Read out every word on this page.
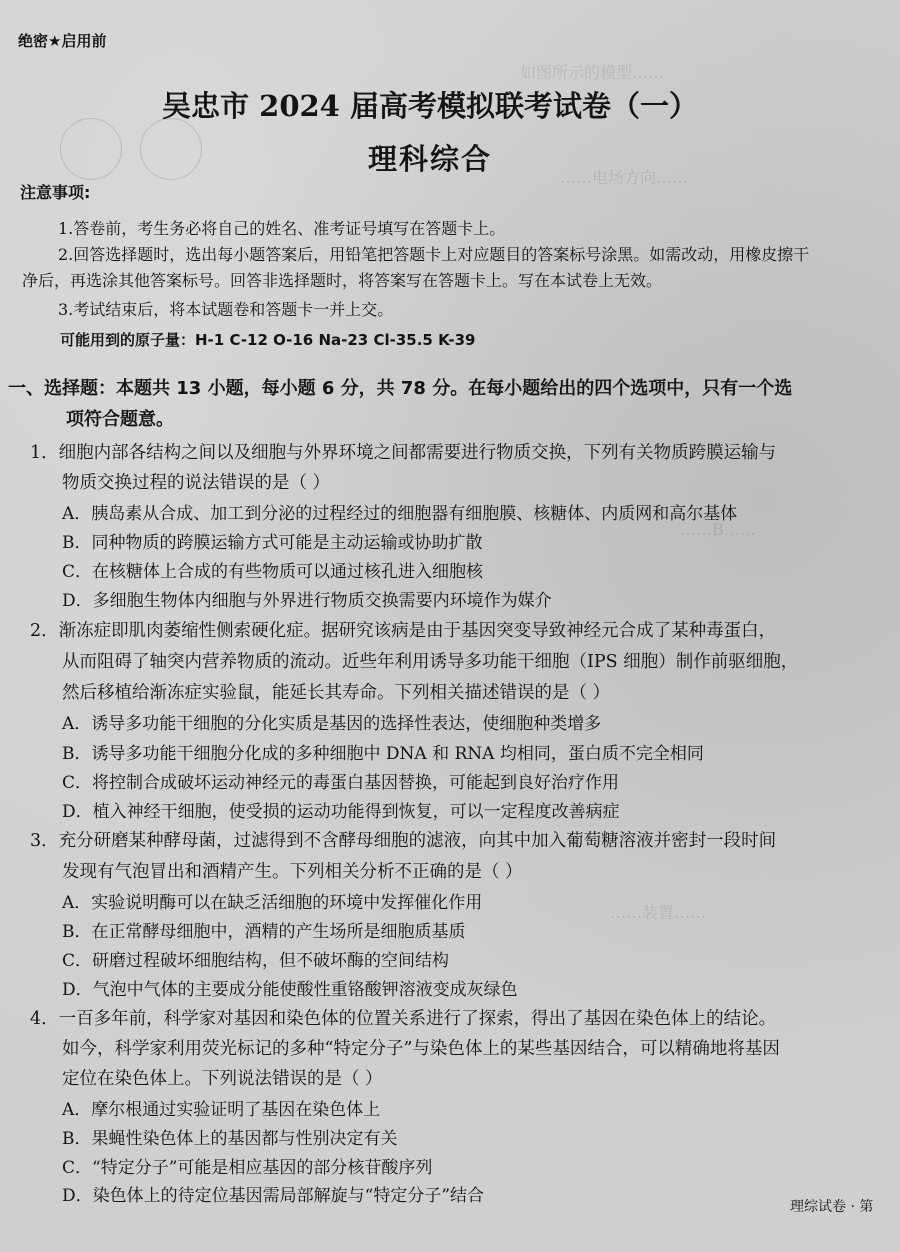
如图所示的模型……
……电场方向……
……B……
……装置……
绝密★启用前
吴忠市 2024 届高考模拟联考试卷（一）
理科综合
注意事项:
1.答卷前，考生务必将自己的姓名、准考证号填写在答题卡上。
2.回答选择题时，选出每小题答案后，用铅笔把答题卡上对应题目的答案标号涂黑。如需改动，用橡皮擦干
净后，再选涂其他答案标号。回答非选择题时，将答案写在答题卡上。写在本试卷上无效。
3.考试结束后，将本试题卷和答题卡一并上交。
可能用到的原子量：H-1 C-12 O-16 Na-23 Cl-35.5 K-39
一、选择题：本题共 13 小题，每小题 6 分，共 78 分。在每小题给出的四个选项中，只有一个选
项符合题意。
1．细胞内部各结构之间以及细胞与外界环境之间都需要进行物质交换，下列有关物质跨膜运输与
物质交换过程的说法错误的是（ ）
A．胰岛素从合成、加工到分泌的过程经过的细胞器有细胞膜、核糖体、内质网和高尔基体
B．同种物质的跨膜运输方式可能是主动运输或协助扩散
C．在核糖体上合成的有些物质可以通过核孔进入细胞核
D．多细胞生物体内细胞与外界进行物质交换需要内环境作为媒介
2．渐冻症即肌肉萎缩性侧索硬化症。据研究该病是由于基因突变导致神经元合成了某种毒蛋白，
从而阻碍了轴突内营养物质的流动。近些年利用诱导多功能干细胞（IPS 细胞）制作前驱细胞，
然后移植给渐冻症实验鼠，能延长其寿命。下列相关描述错误的是（ ）
A．诱导多功能干细胞的分化实质是基因的选择性表达，使细胞种类增多
B．诱导多功能干细胞分化成的多种细胞中 DNA 和 RNA 均相同，蛋白质不完全相同
C．将控制合成破坏运动神经元的毒蛋白基因替换，可能起到良好治疗作用
D．植入神经干细胞，使受损的运动功能得到恢复，可以一定程度改善病症
3．充分研磨某种酵母菌，过滤得到不含酵母细胞的滤液，向其中加入葡萄糖溶液并密封一段时间
发现有气泡冒出和酒精产生。下列相关分析不正确的是（ ）
A．实验说明酶可以在缺乏活细胞的环境中发挥催化作用
B．在正常酵母细胞中，酒精的产生场所是细胞质基质
C．研磨过程破坏细胞结构，但不破坏酶的空间结构
D．气泡中气体的主要成分能使酸性重铬酸钾溶液变成灰绿色
4．一百多年前，科学家对基因和染色体的位置关系进行了探索，得出了基因在染色体上的结论。
如今，科学家利用荧光标记的多种“特定分子”与染色体上的某些基因结合，可以精确地将基因
定位在染色体上。下列说法错误的是（ ）
A．摩尔根通过实验证明了基因在染色体上
B．果蝇性染色体上的基因都与性别决定有关
C．“特定分子”可能是相应基因的部分核苷酸序列
D．染色体上的待定位基因需局部解旋与“特定分子”结合
理综试卷 · 第
